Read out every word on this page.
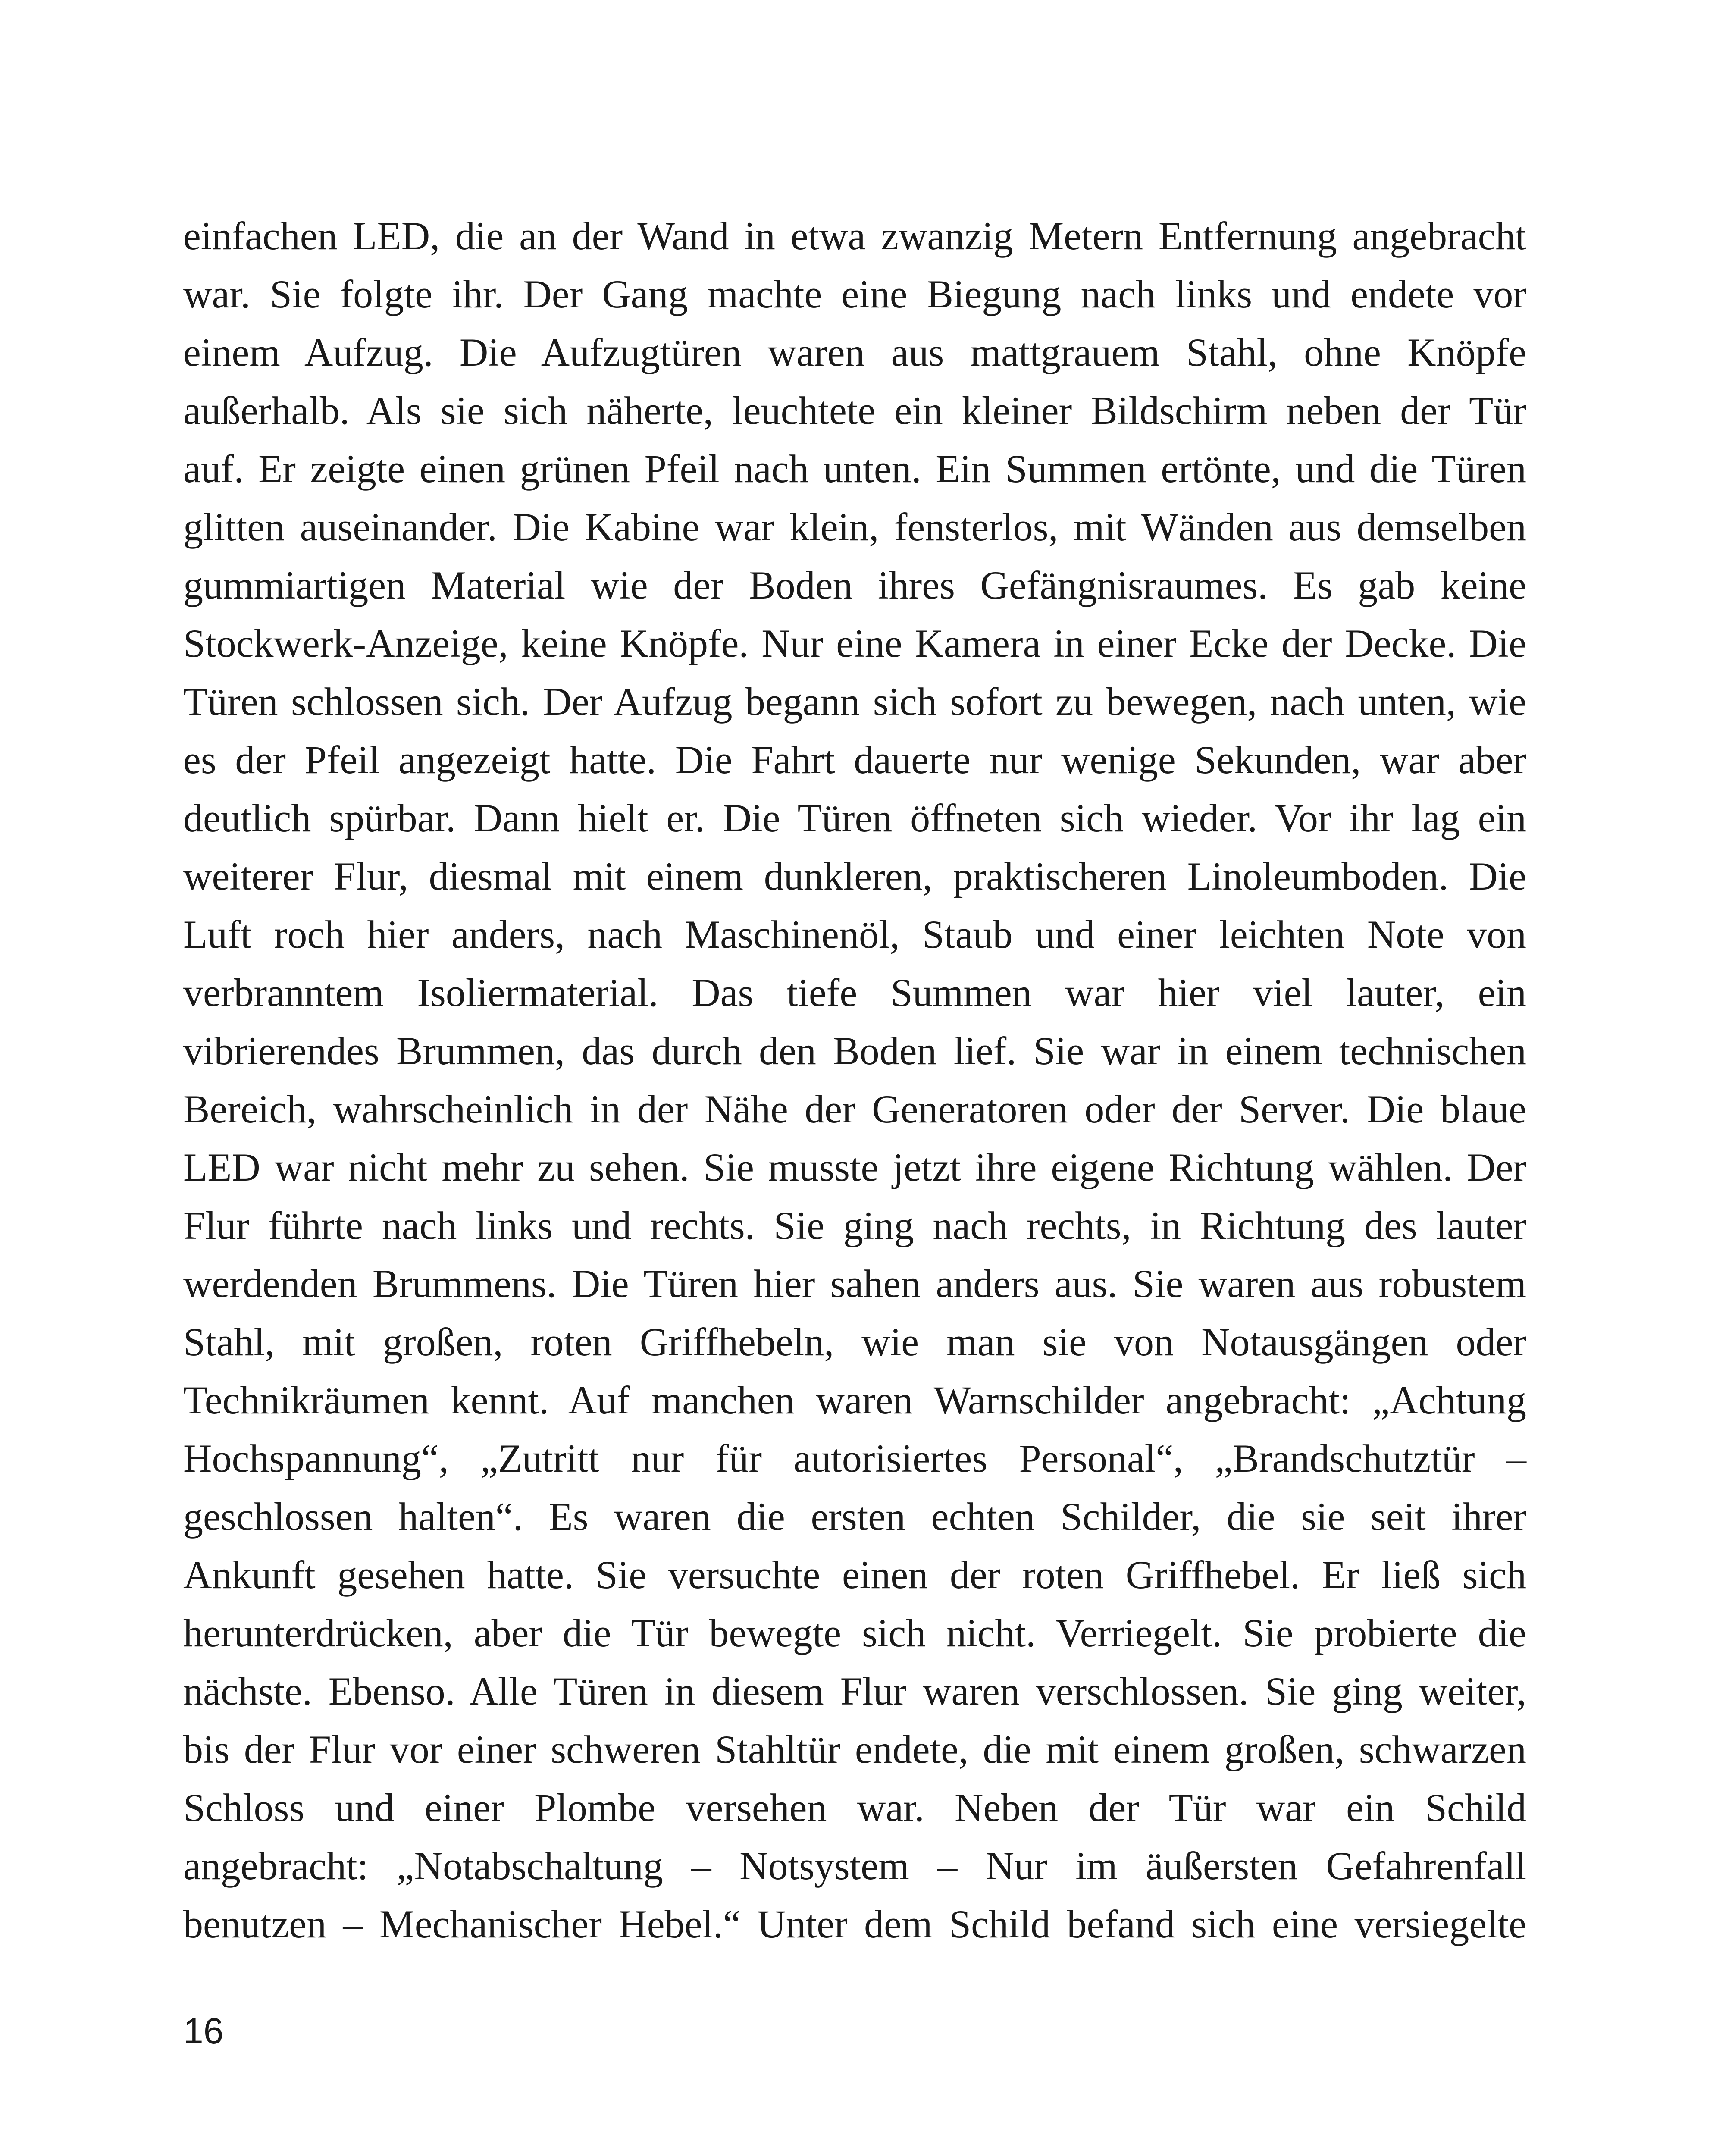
einfachen LED, die an der Wand in etwa zwanzig Metern Entfernung angebracht
war. Sie folgte ihr. Der Gang machte eine Biegung nach links und endete vor
einem Aufzug. Die Aufzugtüren waren aus mattgrauem Stahl, ohne Knöpfe
außerhalb. Als sie sich näherte, leuchtete ein kleiner Bildschirm neben der Tür
auf. Er zeigte einen grünen Pfeil nach unten. Ein Summen ertönte, und die Türen
glitten auseinander. Die Kabine war klein, fensterlos, mit Wänden aus demselben
gummiartigen Material wie der Boden ihres Gefängnisraumes. Es gab keine
Stockwerk-Anzeige, keine Knöpfe. Nur eine Kamera in einer Ecke der Decke. Die
Türen schlossen sich. Der Aufzug begann sich sofort zu bewegen, nach unten, wie
es der Pfeil angezeigt hatte. Die Fahrt dauerte nur wenige Sekunden, war aber
deutlich spürbar. Dann hielt er. Die Türen öffneten sich wieder. Vor ihr lag ein
weiterer Flur, diesmal mit einem dunkleren, praktischeren Linoleumboden. Die
Luft roch hier anders, nach Maschinenöl, Staub und einer leichten Note von
verbranntem Isoliermaterial. Das tiefe Summen war hier viel lauter, ein
vibrierendes Brummen, das durch den Boden lief. Sie war in einem technischen
Bereich, wahrscheinlich in der Nähe der Generatoren oder der Server. Die blaue
LED war nicht mehr zu sehen. Sie musste jetzt ihre eigene Richtung wählen. Der
Flur führte nach links und rechts. Sie ging nach rechts, in Richtung des lauter
werdenden Brummens. Die Türen hier sahen anders aus. Sie waren aus robustem
Stahl, mit großen, roten Griffhebeln, wie man sie von Notausgängen oder
Technikräumen kennt. Auf manchen waren Warnschilder angebracht: „Achtung
Hochspannung“, „Zutritt nur für autorisiertes Personal“, „Brandschutztür –
geschlossen halten“. Es waren die ersten echten Schilder, die sie seit ihrer
Ankunft gesehen hatte. Sie versuchte einen der roten Griffhebel. Er ließ sich
herunterdrücken, aber die Tür bewegte sich nicht. Verriegelt. Sie probierte die
nächste. Ebenso. Alle Türen in diesem Flur waren verschlossen. Sie ging weiter,
bis der Flur vor einer schweren Stahltür endete, die mit einem großen, schwarzen
Schloss und einer Plombe versehen war. Neben der Tür war ein Schild
angebracht: „Notabschaltung – Notsystem – Nur im äußersten Gefahrenfall
benutzen – Mechanischer Hebel.“ Unter dem Schild befand sich eine versiegelte
16
